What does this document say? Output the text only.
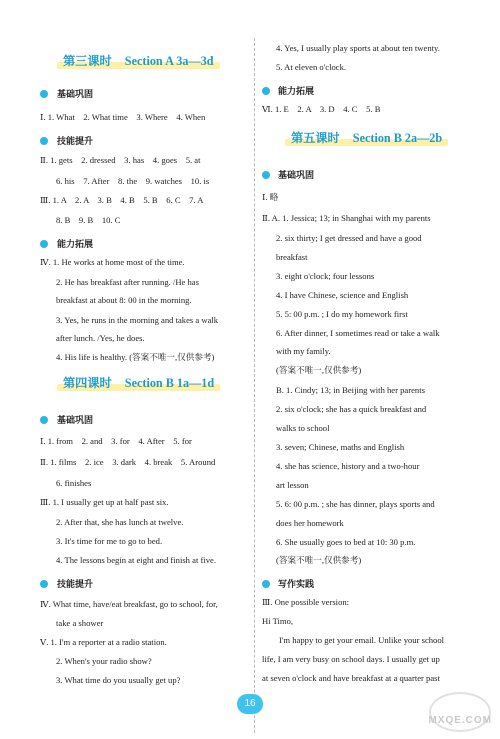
第三课时 Section A 3a—3d
基础巩固
Ⅰ. 1. What　2. What time　3. Where　4. When
技能提升
Ⅱ. 1. gets　2. dressed　3. has　4. goes　5. at
6. his　7. After　8. the　9. watches　10. is
Ⅲ. 1. A　2. A　3. B　4. B　5. B　6. C　7. A
8. B　9. B　10. C
能力拓展
Ⅳ. 1. He works at home most of the time.
2. He has breakfast after running. /He has
breakfast at about 8: 00 in the morning.
3. Yes, he runs in the morning and takes a walk
after lunch. /Yes, he does.
4. His life is healthy. (答案不唯一,仅供参考)
第四课时 Section B 1a—1d
基础巩固
Ⅰ. 1. from　2. and　3. for　4. After　5. for
Ⅱ. 1. films　2. ice　3. dark　4. break　5. Around
6. finishes
Ⅲ. 1. I usually get up at half past six.
2. After that, she has lunch at twelve.
3. It's time for me to go to bed.
4. The lessons begin at eight and finish at five.
技能提升
Ⅳ. What time, have/eat breakfast, go to school, for,
take a shower
Ⅴ. 1. I'm a reporter at a radio station.
2. When's your radio show?
3. What time do you usually get up?
4. Yes, I usually play sports at about ten twenty.
5. At eleven o'clock.
能力拓展
Ⅵ. 1. E　2. A　3. D　4. C　5. B
第五课时 Section B 2a—2b
基础巩固
Ⅰ. 略
Ⅱ. A. 1. Jessica; 13; in Shanghai with my parents
2. six thirty; I get dressed and have a good
breakfast
3. eight o'clock; four lessons
4. I have Chinese, science and English
5. 5: 00 p.m. ; I do my homework first
6. After dinner, I sometimes read or take a walk
with my family.
(答案不唯一,仅供参考)
B. 1. Cindy; 13; in Beijing with her parents
2. six o'clock; she has a quick breakfast and
walks to school
3. seven; Chinese, maths and English
4. she has science, history and a two-hour
art lesson
5. 6: 00 p.m. ; she has dinner, plays sports and
does her homework
6. She usually goes to bed at 10: 30 p.m.
(答案不唯一,仅供参考)
写作实践
Ⅲ. One possible version:
Hi Timo,
I'm happy to get your email. Unlike your school
life, I am very busy on school days. I usually get up
at seven o'clock and have breakfast at a quarter past
16
MXQE.COM
